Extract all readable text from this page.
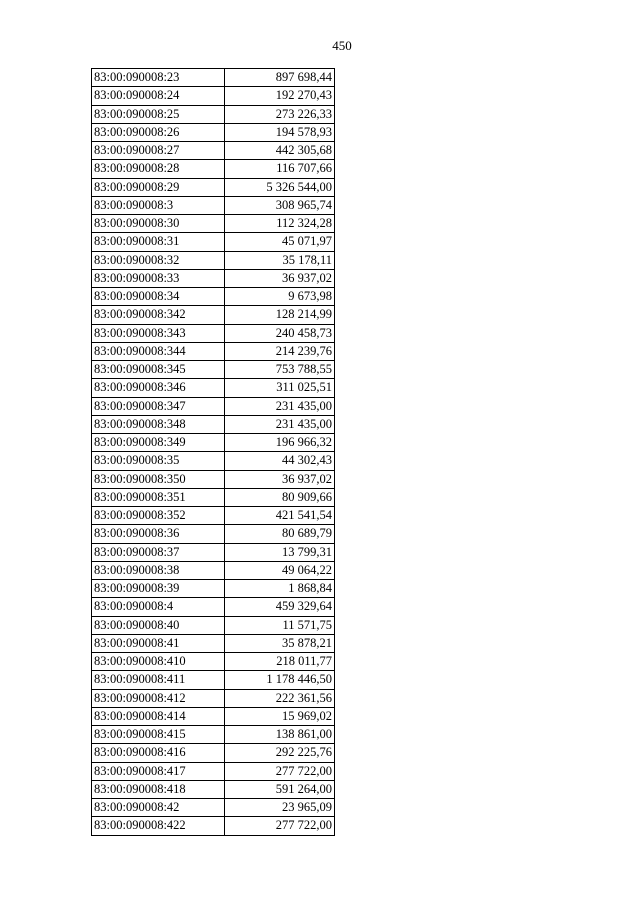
450
83:00:090008:23	897 698,44
83:00:090008:24	192 270,43
83:00:090008:25	273 226,33
83:00:090008:26	194 578,93
83:00:090008:27	442 305,68
83:00:090008:28	116 707,66
83:00:090008:29	5 326 544,00
83:00:090008:3	308 965,74
83:00:090008:30	112 324,28
83:00:090008:31	45 071,97
83:00:090008:32	35 178,11
83:00:090008:33	36 937,02
83:00:090008:34	9 673,98
83:00:090008:342	128 214,99
83:00:090008:343	240 458,73
83:00:090008:344	214 239,76
83:00:090008:345	753 788,55
83:00:090008:346	311 025,51
83:00:090008:347	231 435,00
83:00:090008:348	231 435,00
83:00:090008:349	196 966,32
83:00:090008:35	44 302,43
83:00:090008:350	36 937,02
83:00:090008:351	80 909,66
83:00:090008:352	421 541,54
83:00:090008:36	80 689,79
83:00:090008:37	13 799,31
83:00:090008:38	49 064,22
83:00:090008:39	1 868,84
83:00:090008:4	459 329,64
83:00:090008:40	11 571,75
83:00:090008:41	35 878,21
83:00:090008:410	218 011,77
83:00:090008:411	1 178 446,50
83:00:090008:412	222 361,56
83:00:090008:414	15 969,02
83:00:090008:415	138 861,00
83:00:090008:416	292 225,76
83:00:090008:417	277 722,00
83:00:090008:418	591 264,00
83:00:090008:42	23 965,09
83:00:090008:422	277 722,00
